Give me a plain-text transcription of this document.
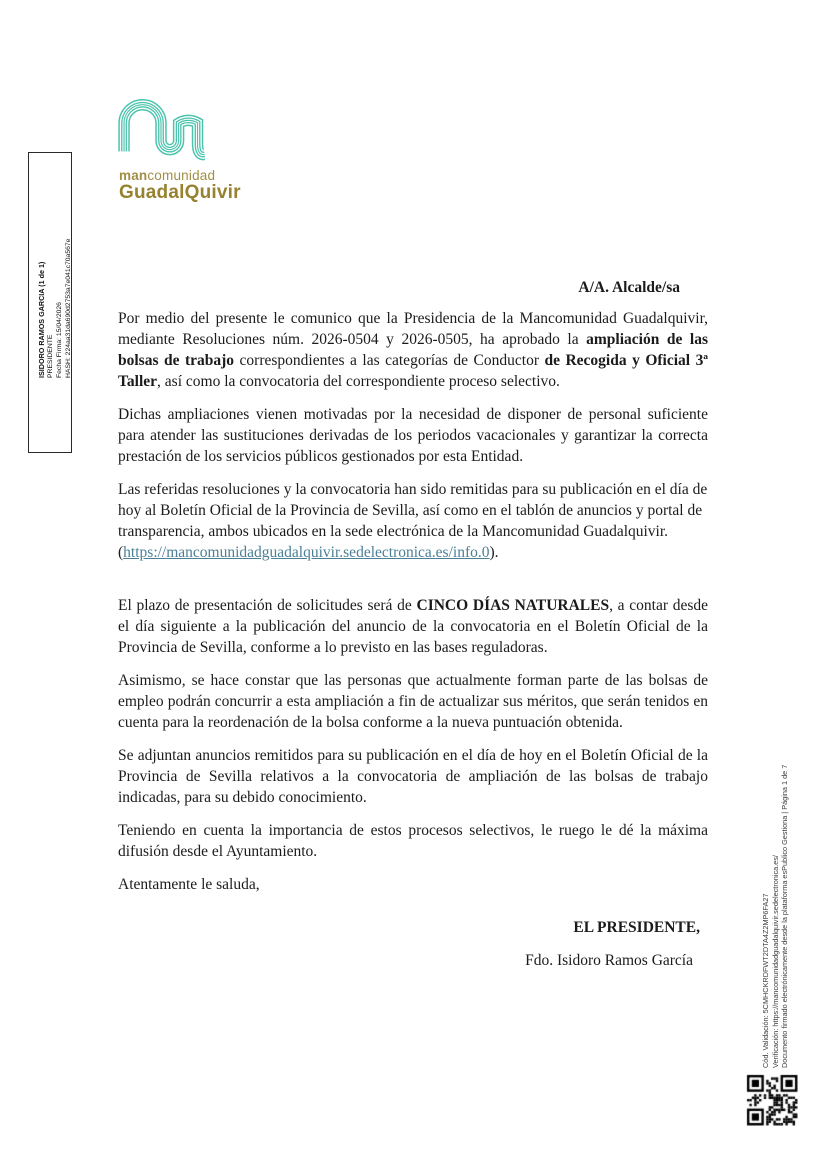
mancomunidad
GuadalQuivir
ISIDORO RAMOS GARCIA (1 de 1) PRESIDENTE Fecha Firma: 15/04/2026 HASH: 224aa31da690d2753a7e041c70a567e	A/A. Alcalde/sa

Por medio del presente le comunico que la Presidencia de la Mancomunidad Guadalquivir, mediante Resoluciones núm. 2026-0504 y 2026-0505, ha aprobado la ampliación de las bolsas de trabajo correspondientes a las categorías de Conductor de Recogida y Oficial 3ª Taller, así como la convocatoria del correspondiente proceso selectivo.

Dichas ampliaciones vienen motivadas por la necesidad de disponer de personal suficiente para atender las sustituciones derivadas de los periodos vacacionales y garantizar la correcta prestación de los servicios públicos gestionados por esta Entidad.

Las referidas resoluciones y la convocatoria han sido remitidas para su publicación en el día de hoy al Boletín Oficial de la Provincia de Sevilla, así como en el tablón de anuncios y portal de transparencia, ambos ubicados en la sede electrónica de la Mancomunidad Guadalquivir. (https://mancomunidadguadalquivir.sedelectronica.es/info.0).

El plazo de presentación de solicitudes será de CINCO DÍAS NATURALES, a contar desde el día siguiente a la publicación del anuncio de la convocatoria en el Boletín Oficial de la Provincia de Sevilla, conforme a lo previsto en las bases reguladoras.

Asimismo, se hace constar que las personas que actualmente forman parte de las bolsas de empleo podrán concurrir a esta ampliación a fin de actualizar sus méritos, que serán tenidos en cuenta para la reordenación de la bolsa conforme a la nueva puntuación obtenida.

Se adjuntan anuncios remitidos para su publicación en el día de hoy en el Boletín Oficial de la Provincia de Sevilla relativos a la convocatoria de ampliación de las bolsas de trabajo indicadas, para su debido conocimiento.

Teniendo en cuenta la importancia de estos procesos selectivos, le ruego le dé la máxima difusión desde el Ayuntamiento.

Atentamente le saluda,

EL PRESIDENTE,
Fdo. Isidoro Ramos García	Cód. Validación: 5CMHCKRDFWT2DTA4Z2MP6FA27 Verificación: https://mancomunidadguadalquivir.sedelectronica.es/ Documento firmado electrónicamente desde la plataforma esPublico Gestiona | Página 1 de 7
